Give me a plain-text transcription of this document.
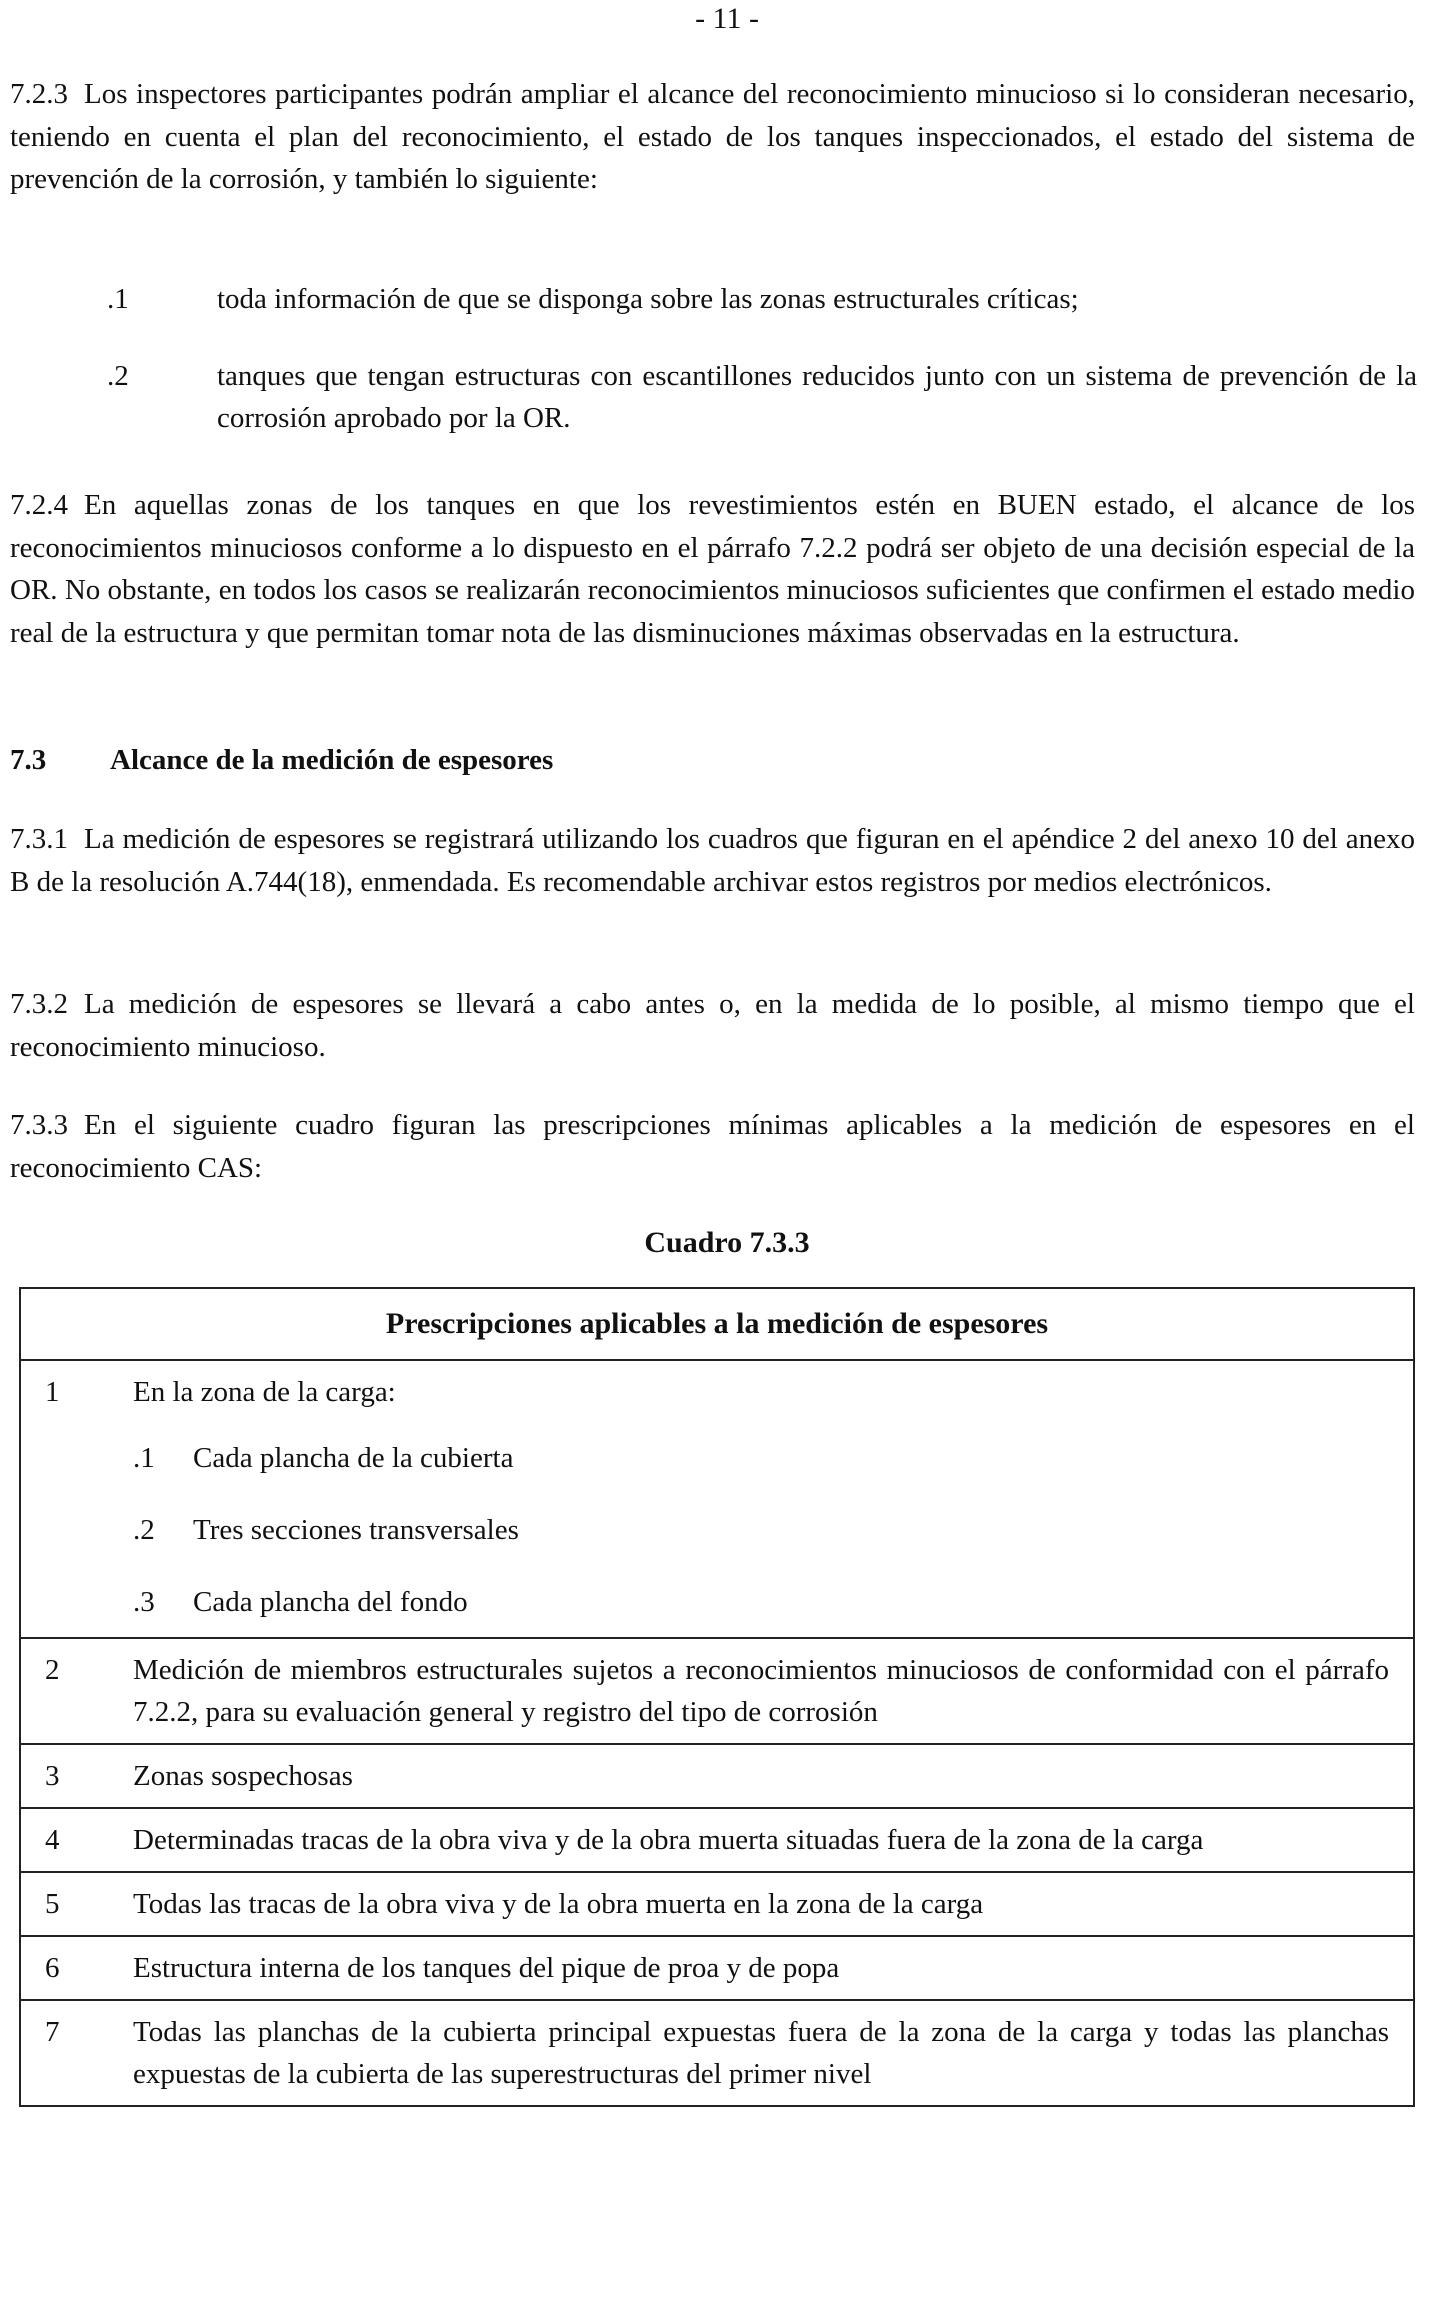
- 11 -

7.2.3 Los inspectores participantes podrán ampliar el alcance del reconocimiento minucioso si lo consideran necesario, teniendo en cuenta el plan del reconocimiento, el estado de los tanques inspeccionados, el estado del sistema de prevención de la corrosión, y también lo siguiente:

.1	toda información de que se disponga sobre las zonas estructurales críticas;
.2	tanques que tengan estructuras con escantillones reducidos junto con un sistema de prevención de la corrosión aprobado por la OR.

7.2.4 En aquellas zonas de los tanques en que los revestimientos estén en BUEN estado, el alcance de los reconocimientos minuciosos conforme a lo dispuesto en el párrafo 7.2.2 podrá ser objeto de una decisión especial de la OR. No obstante, en todos los casos se realizarán reconocimientos minuciosos suficientes que confirmen el estado medio real de la estructura y que permitan tomar nota de las disminuciones máximas observadas en la estructura.

7.3 Alcance de la medición de espesores

7.3.1 La medición de espesores se registrará utilizando los cuadros que figuran en el apéndice 2 del anexo 10 del anexo B de la resolución A.744(18), enmendada. Es recomendable archivar estos registros por medios electrónicos.

7.3.2 La medición de espesores se llevará a cabo antes o, en la medida de lo posible, al mismo tiempo que el reconocimiento minucioso.

7.3.3 En el siguiente cuadro figuran las prescripciones mínimas aplicables a la medición de espesores en el reconocimiento CAS:

Cuadro 7.3.3

Prescripciones aplicables a la medición de espesores

1	En la zona de la carga:
.1	Cada plancha de la cubierta
.2	Tres secciones transversales
.3	Cada plancha del fondo

2	Medición de miembros estructurales sujetos a reconocimientos minuciosos de conformidad con el párrafo 7.2.2, para su evaluación general y registro del tipo de corrosión

3	Zonas sospechosas

4	Determinadas tracas de la obra viva y de la obra muerta situadas fuera de la zona de la carga

5	Todas las tracas de la obra viva y de la obra muerta en la zona de la carga

6	Estructura interna de los tanques del pique de proa y de popa

7	Todas las planchas de la cubierta principal expuestas fuera de la zona de la carga y todas las planchas expuestas de la cubierta de las superestructuras del primer nivel
